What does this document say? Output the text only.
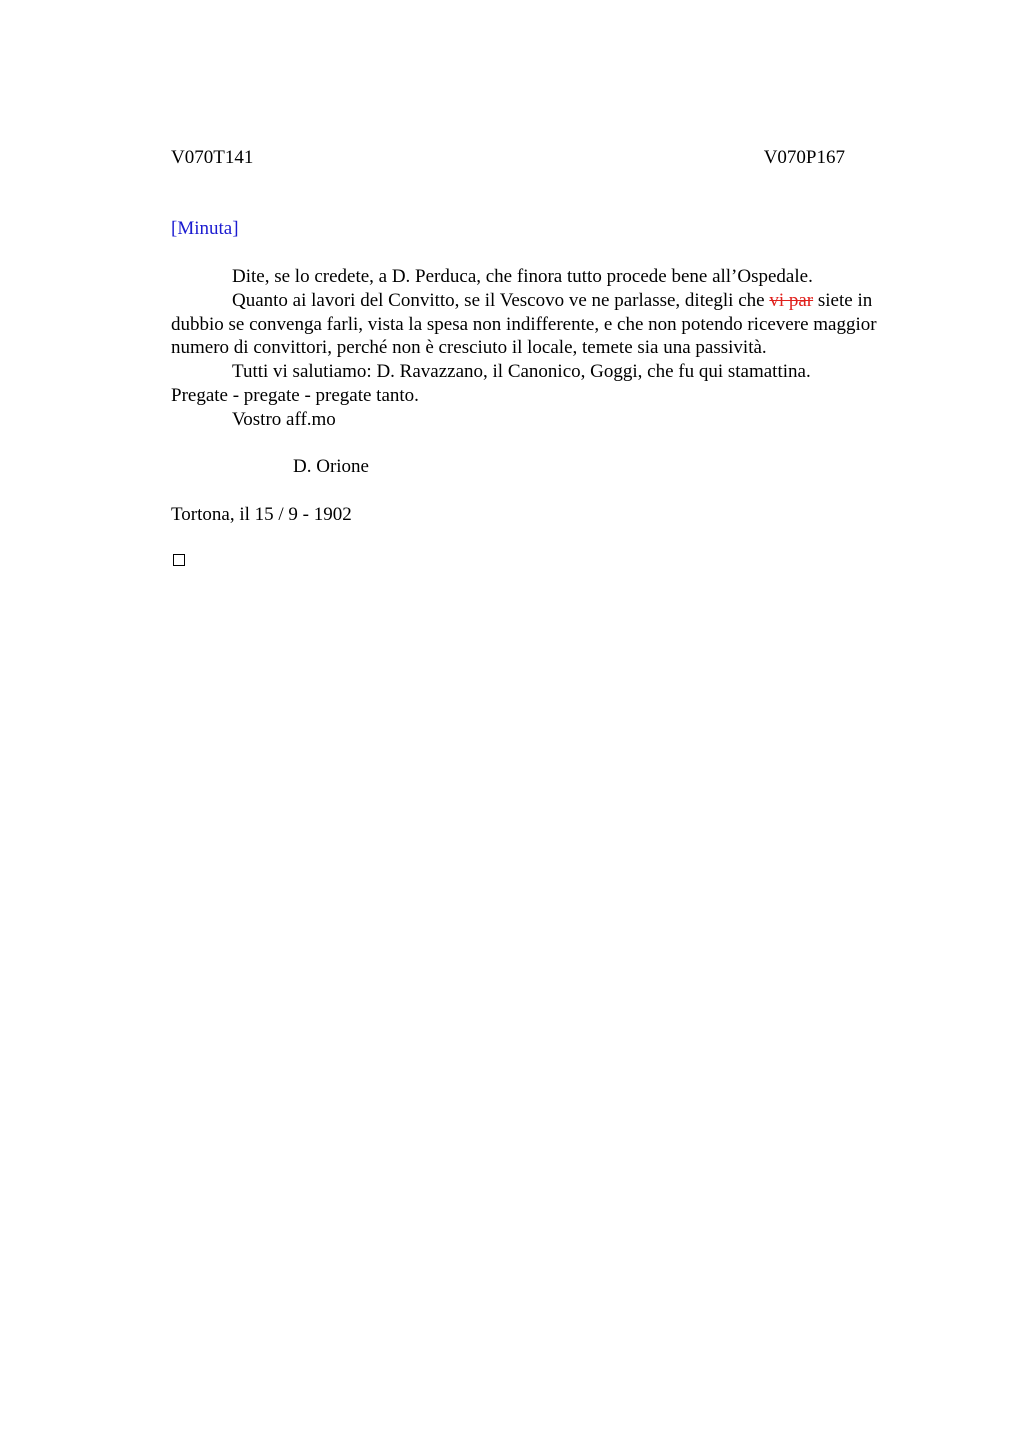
V070T141	V070P167
[Minuta]

Dite, se lo credete, a D. Perduca, che finora tutto procede bene all’Ospedale.

Quanto ai lavori del Convitto, se il Vescovo ve ne parlasse, ditegli che vi par siete in dubbio se convenga farli, vista la spesa non indifferente, e che non potendo ricevere maggior numero di convittori, perché non è cresciuto il locale, temete sia una passività.

Tutti vi salutiamo: D. Ravazzano, il Canonico, Goggi, che fu qui stamattina.

Pregate - pregate - pregate tanto.

Vostro aff.mo

D. Orione
Tortona, il 15 / 9 - 1902
